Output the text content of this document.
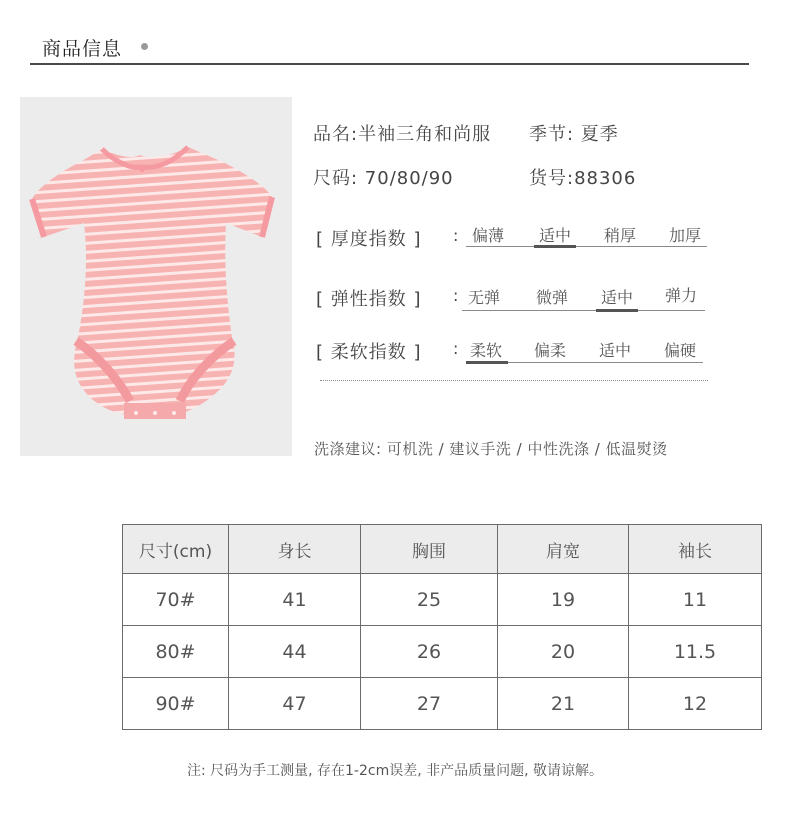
商品信息
品名:半袖三角和尚服 季节: 夏季
尺码: 70/80/90	货号:88306
[ 厚度指数 ] : 偏薄	适中	稍厚	加厚
[ 弹性指数 ] : 无弹	微弹	适中	弹力
[ 柔软指数 ] : 柔软	偏柔	适中	偏硬
洗涤建议: 可机洗 / 建议手洗 / 中性洗涤 / 低温熨烫
尺寸(cm)	身长	胸围	肩宽	袖长
70#	41	25	19	11
80#	44	26	20	11.5
90#	47	27	21	12
注: 尺码为手工测量, 存在1-2cm误差, 非产品质量问题, 敬请谅解。
